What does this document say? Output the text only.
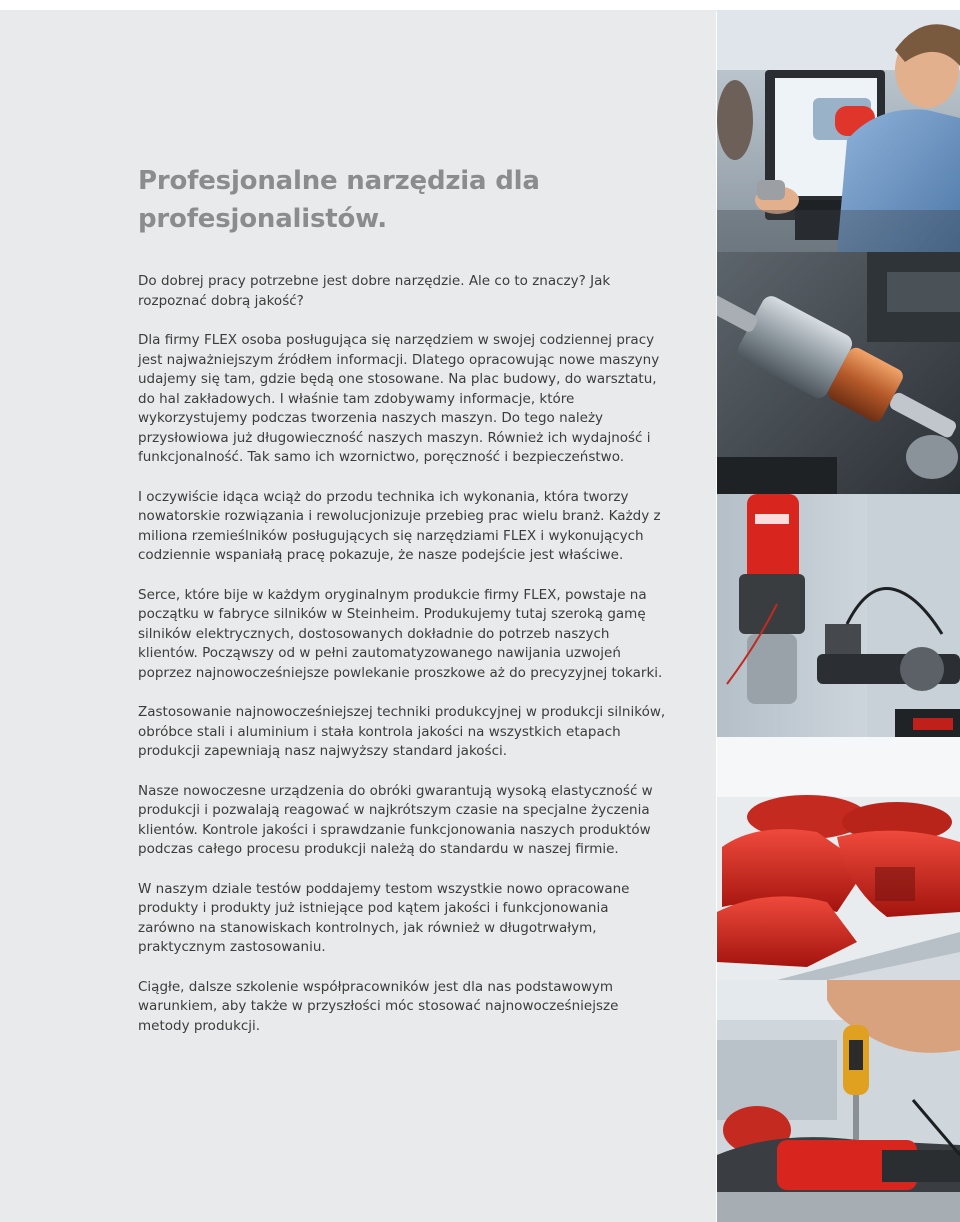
Profesjonalne narzędzia dla profesjonalistów.

Do dobrej pracy potrzebne jest dobre narzędzie. Ale co to znaczy? Jak rozpoznać dobrą jakość?

Dla firmy FLEX osoba posługująca się narzędziem w swojej codziennej pracy jest najważniejszym źródłem informacji. Dlatego opracowując nowe maszyny udajemy się tam, gdzie będą one stosowane. Na plac budowy, do warsztatu, do hal zakładowych. I właśnie tam zdobywamy informacje, które wykorzystujemy podczas tworzenia naszych maszyn. Do tego należy przysłowiowa już długowieczność naszych maszyn. Również ich wydajność i funkcjonalność. Tak samo ich wzornictwo, poręczność i bezpieczeństwo.

I oczywiście idąca wciąż do przodu technika ich wykonania, która tworzy nowatorskie rozwiązania i rewolucjonizuje przebieg prac wielu branż. Każdy z miliona rzemieślników posługujących się narzędziami FLEX i wykonujących codziennie wspaniałą pracę pokazuje, że nasze podejście jest właściwe.

Serce, które bije w każdym oryginalnym produkcie firmy FLEX, powstaje na początku w fabryce silników w Steinheim. Produkujemy tutaj szeroką gamę silników elektrycznych, dostosowanych dokładnie do potrzeb naszych klientów. Począwszy od w pełni zautomatyzowanego nawijania uzwojeń poprzez najnowocześniejsze powlekanie proszkowe aż do precyzyjnej tokarki.

Zastosowanie najnowocześniejszej techniki produkcyjnej w produkcji silników, obróbce stali i aluminium i stała kontrola jakości na wszystkich etapach produkcji zapewniają nasz najwyższy standard jakości.

Nasze nowoczesne urządzenia do obróki gwarantują wysoką elastyczność w produkcji i pozwalają reagować w najkrótszym czasie na specjalne życzenia klientów. Kontrole jakości i sprawdzanie funkcjonowania naszych produktów podczas całego procesu produkcji należą do standardu w naszej firmie.

W naszym dziale testów poddajemy testom wszystkie nowo opracowane produkty i produkty już istniejące pod kątem jakości i funkcjonowania zarówno na stanowiskach kontrolnych, jak również w długotrwałym, praktycznym zastosowaniu.

Ciągłe, dalsze szkolenie współpracowników jest dla nas podstawowym warunkiem, aby także w przyszłości móc stosować najnowocześniejsze metody produkcji.
